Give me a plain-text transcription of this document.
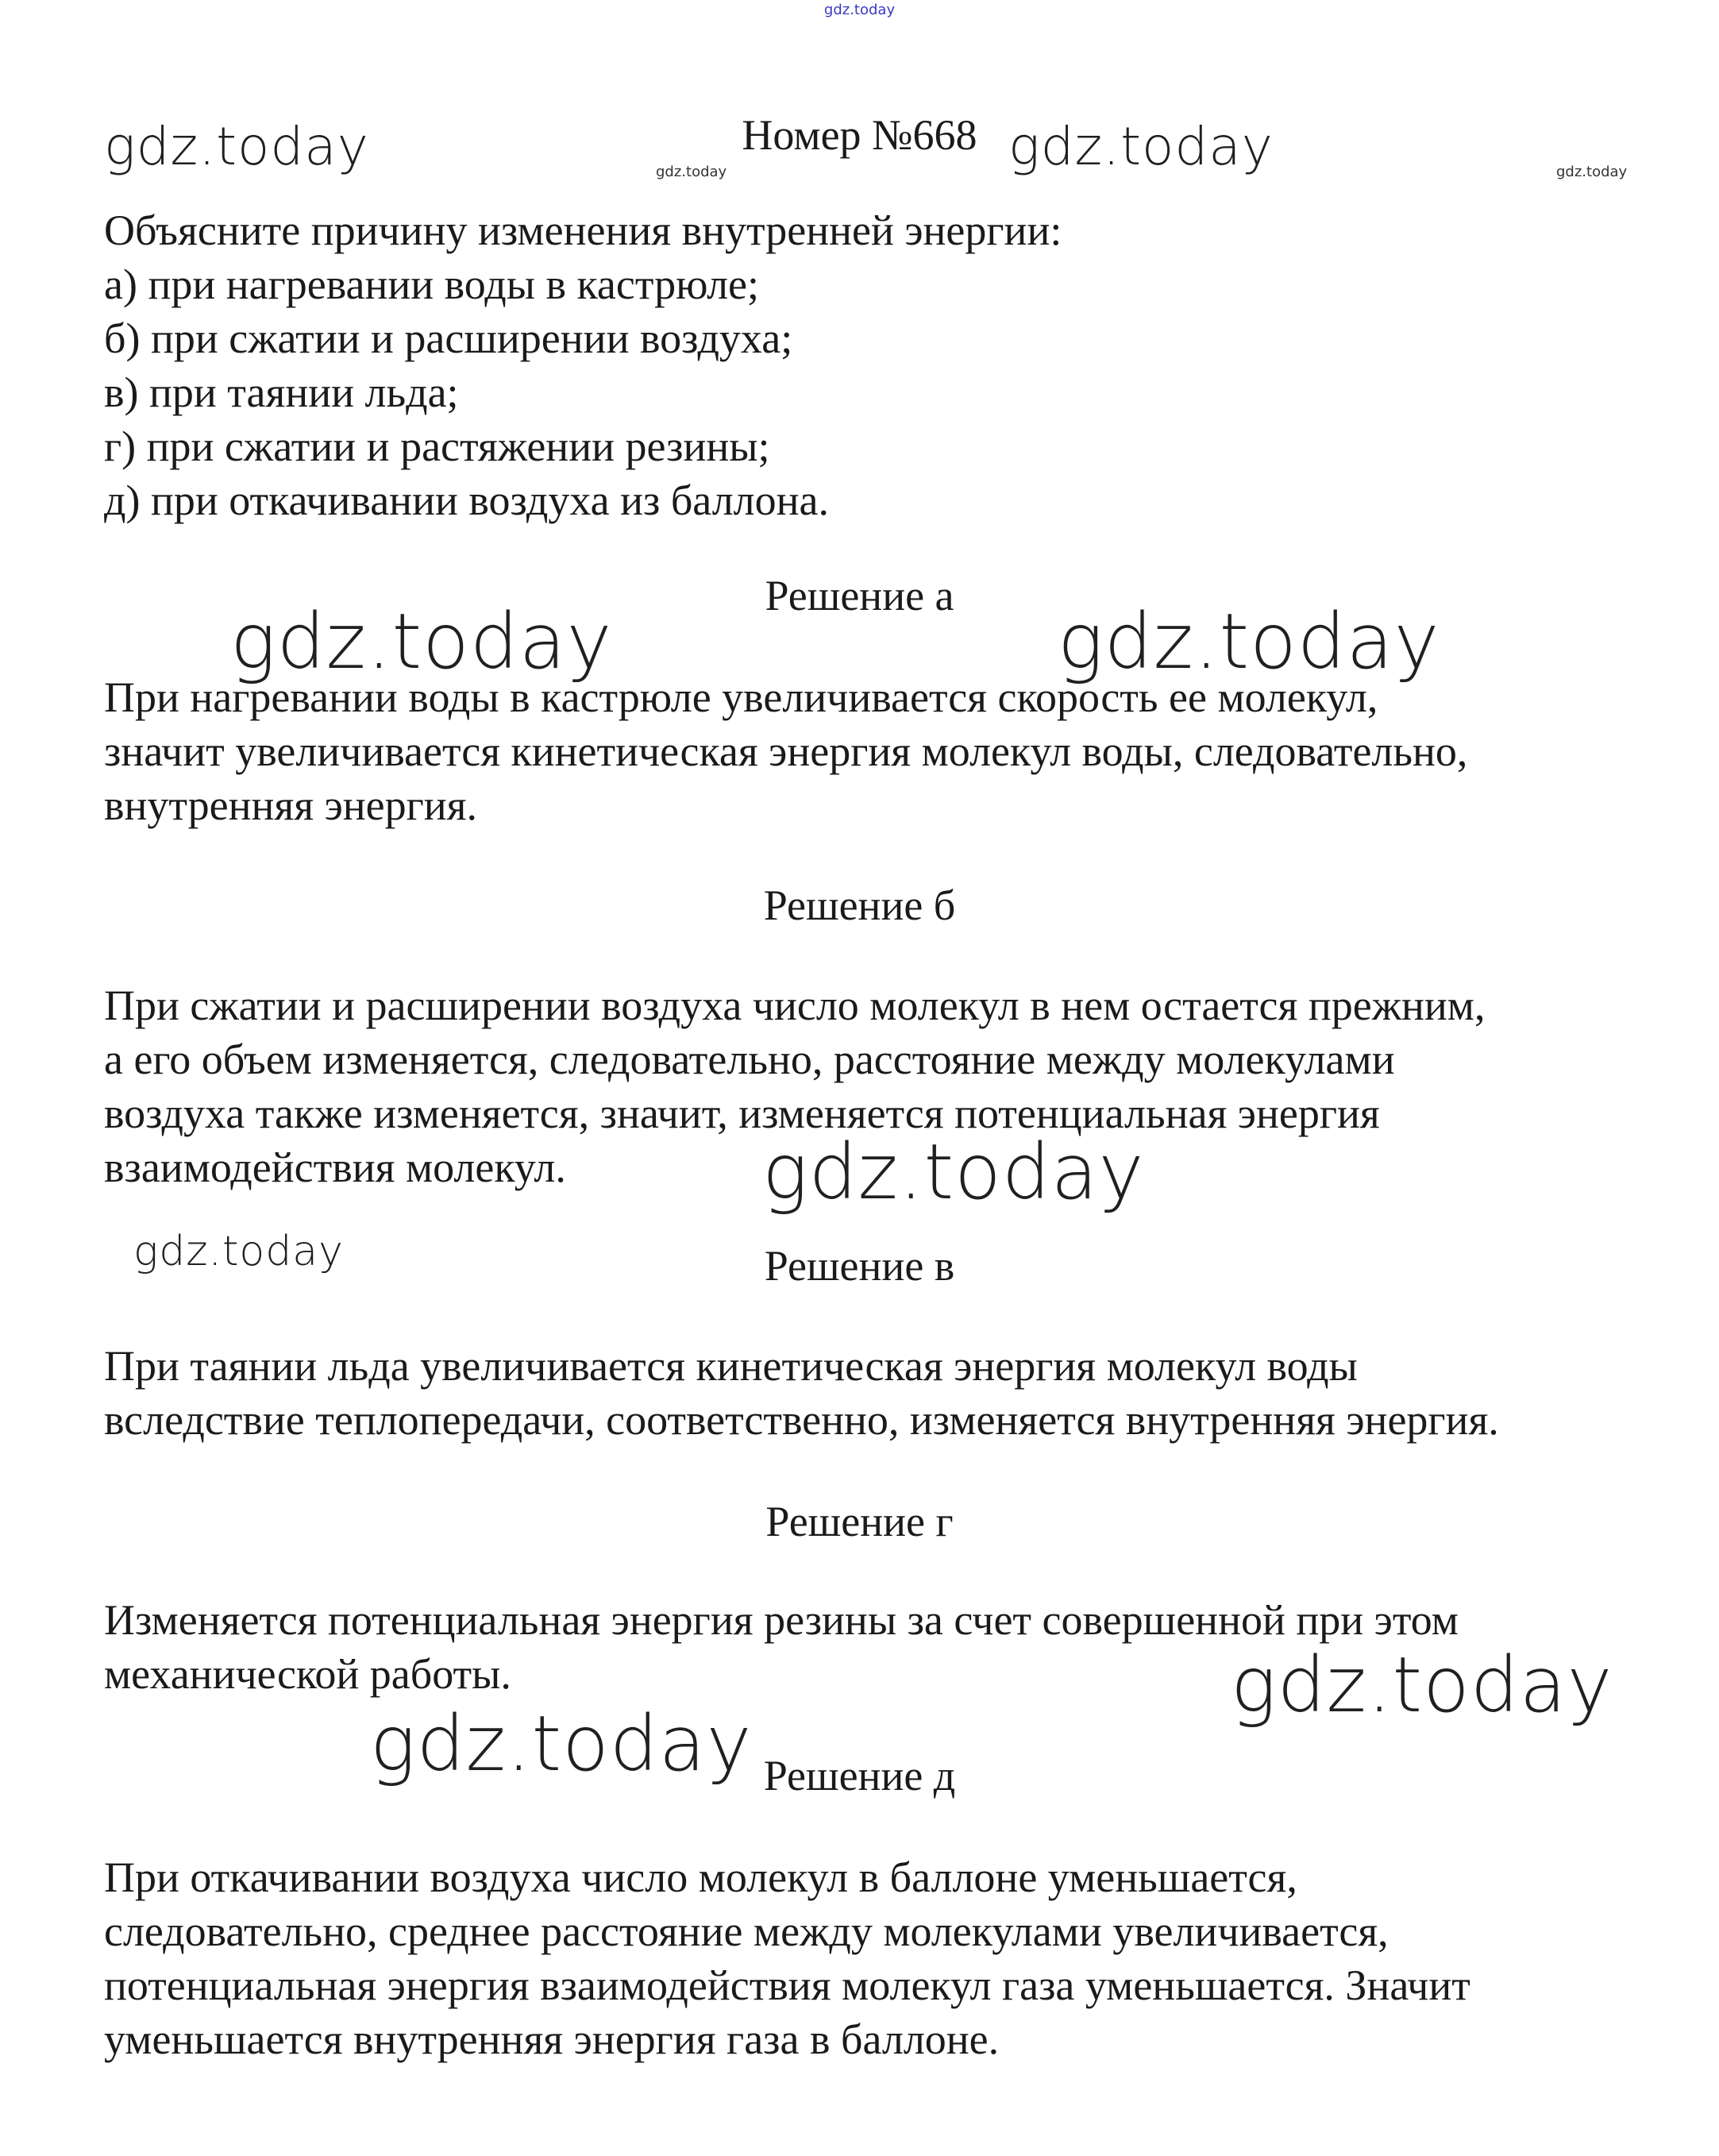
gdz.today
gdz.today	gdz.today	gdz.today	gdz.today
gdz.today	gdz.today
gdz.today
gdz.today
gdz.today
gdz.today
Номер №668
Объясните причину изменения внутренней энергии:
а) при нагревании воды в кастрюле;
б) при сжатии и расширении воздуха;
в) при таянии льда;
г) при сжатии и растяжении резины;
д) при откачивании воздуха из баллона.
Решение а
При нагревании воды в кастрюле увеличивается скорость ее молекул,
значит увеличивается кинетическая энергия молекул воды, следовательно,
внутренняя энергия.
Решение б
При сжатии и расширении воздуха число молекул в нем остается прежним,
а его объем изменяется, следовательно, расстояние между молекулами
воздуха также изменяется, значит, изменяется потенциальная энергия
взаимодействия молекул.
Решение в
При таянии льда увеличивается кинетическая энергия молекул воды
вследствие теплопередачи, соответственно, изменяется внутренняя энергия.
Решение г
Изменяется потенциальная энергия резины за счет совершенной при этом
механической работы.
Решение д
При откачивании воздуха число молекул в баллоне уменьшается,
следовательно, среднее расстояние между молекулами увеличивается,
потенциальная энергия взаимодействия молекул газа уменьшается. Значит
уменьшается внутренняя энергия газа в баллоне.
